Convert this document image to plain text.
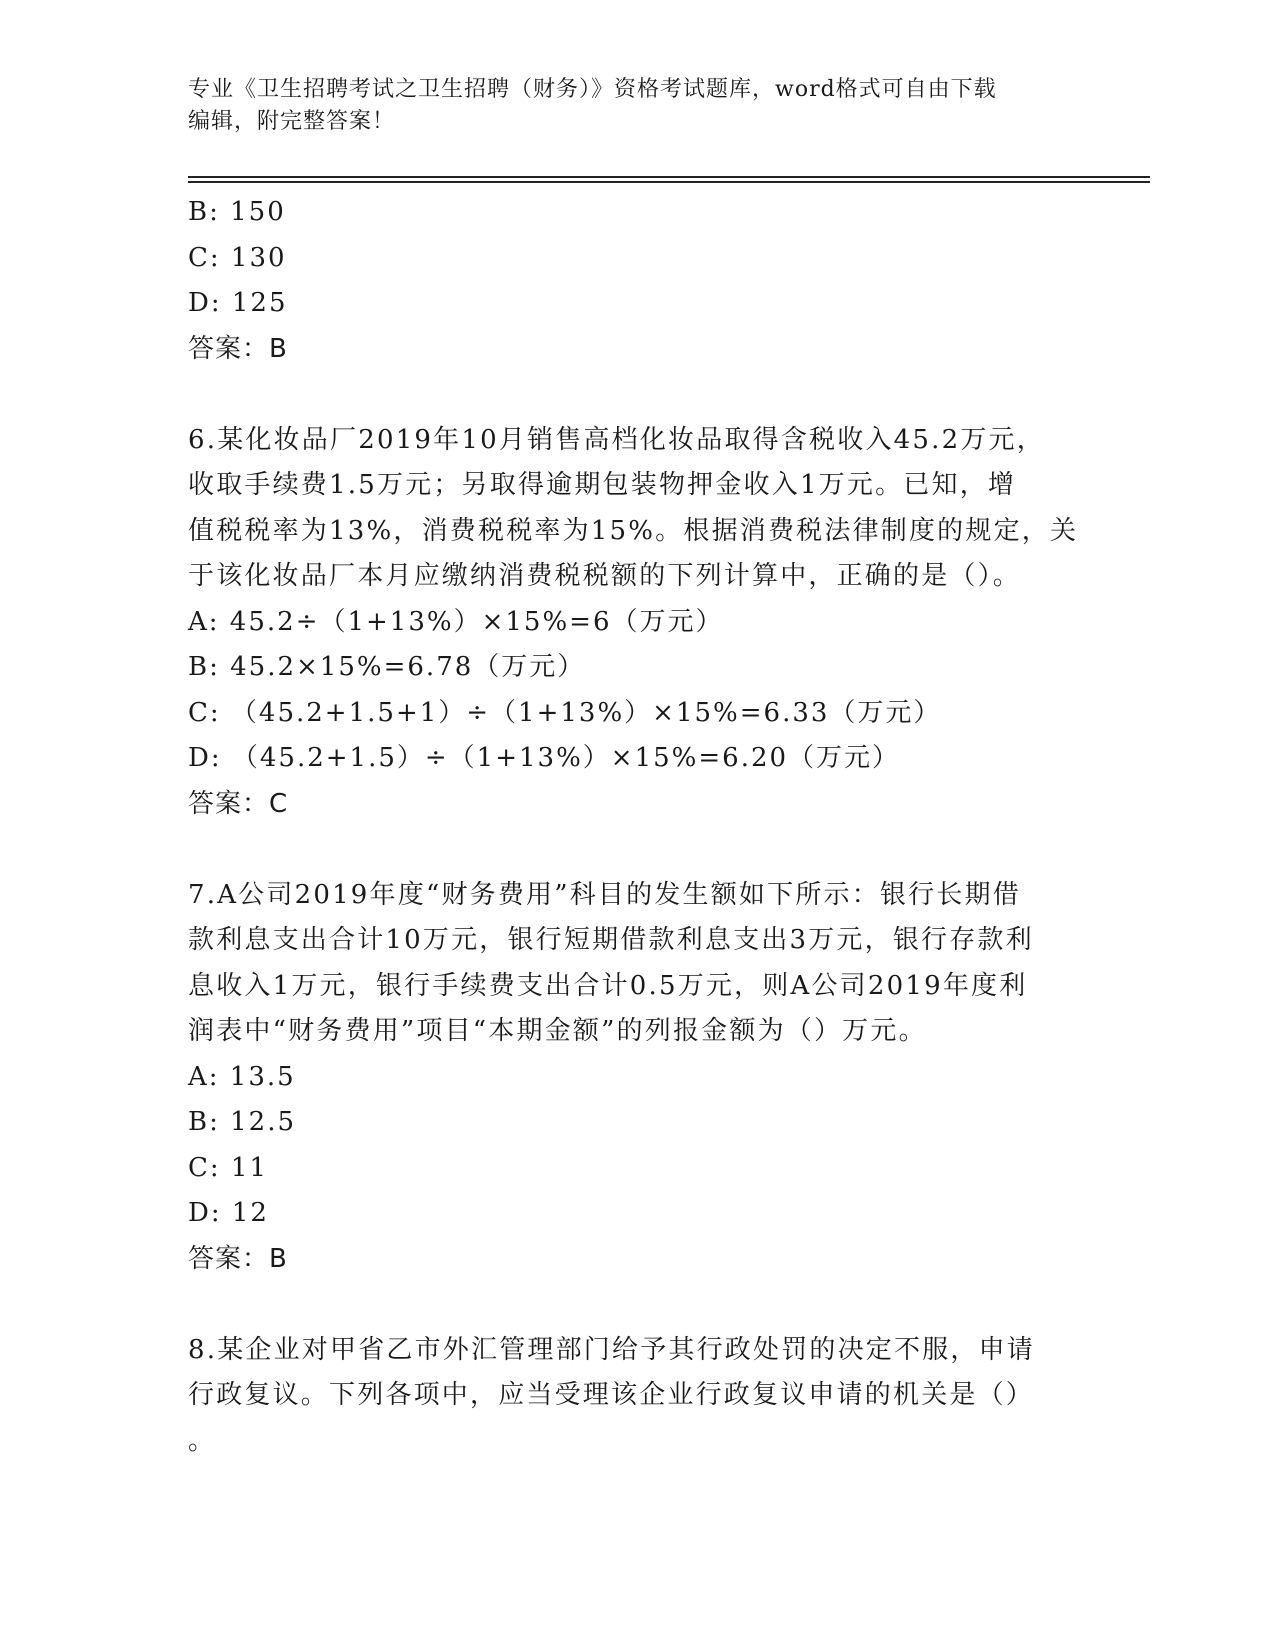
专业《卫生招聘考试之卫生招聘（财务）》资格考试题库，word格式可自由下载
编辑，附完整答案！
B: 150
C: 130
D: 125
答案：B
6.某化妆品厂2019年10月销售高档化妆品取得含税收入45.2万元，
收取手续费1.5万元；另取得逾期包装物押金收入1万元。已知，增
值税税率为13%，消费税税率为15%。根据消费税法律制度的规定，关
于该化妆品厂本月应缴纳消费税税额的下列计算中，正确的是（）。
A: 45.2÷（1+13%）×15%=6（万元）
B: 45.2×15%=6.78（万元）
C: （45.2+1.5+1）÷（1+13%）×15%=6.33（万元）
D: （45.2+1.5）÷（1+13%）×15%=6.20（万元）
答案：C
7.A公司2019年度“财务费用”科目的发生额如下所示：银行长期借
款利息支出合计10万元，银行短期借款利息支出3万元，银行存款利
息收入1万元，银行手续费支出合计0.5万元，则A公司2019年度利
润表中“财务费用”项目“本期金额”的列报金额为（）万元。
A: 13.5
B: 12.5
C: 11
D: 12
答案：B
8.某企业对甲省乙市外汇管理部门给予其行政处罚的决定不服，申请
行政复议。下列各项中，应当受理该企业行政复议申请的机关是（）
。
